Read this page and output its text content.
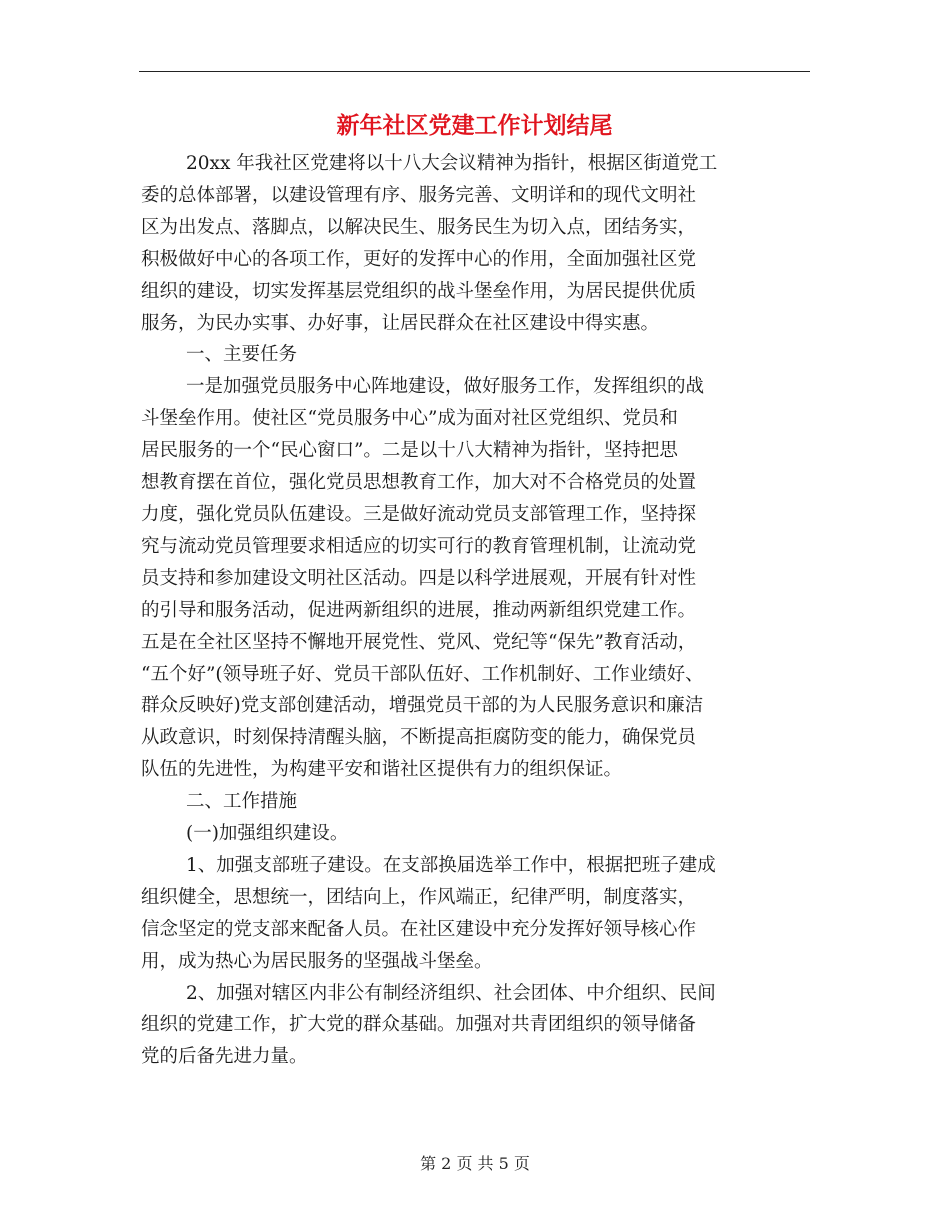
新年社区党建工作计划结尾

20xx 年我社区党建将以十八大会议精神为指针，根据区街道党工
委的总体部署，以建设管理有序、服务完善、文明详和的现代文明社
区为出发点、落脚点，以解决民生、服务民生为切入点，团结务实，
积极做好中心的各项工作，更好的发挥中心的作用，全面加强社区党
组织的建设，切实发挥基层党组织的战斗堡垒作用，为居民提供优质
服务，为民办实事、办好事，让居民群众在社区建设中得实惠。

一、主要任务

一是加强党员服务中心阵地建设，做好服务工作，发挥组织的战
斗堡垒作用。使社区“党员服务中心”成为面对社区党组织、党员和
居民服务的一个“民心窗口”。二是以十八大精神为指针，坚持把思
想教育摆在首位，强化党员思想教育工作，加大对不合格党员的处置
力度，强化党员队伍建设。三是做好流动党员支部管理工作，坚持探
究与流动党员管理要求相适应的切实可行的教育管理机制，让流动党
员支持和参加建设文明社区活动。四是以科学进展观，开展有针对性
的引导和服务活动，促进两新组织的进展，推动两新组织党建工作。
五是在全社区坚持不懈地开展党性、党风、党纪等“保先”教育活动，
“五个好”(领导班子好、党员干部队伍好、工作机制好、工作业绩好、
群众反映好)党支部创建活动，增强党员干部的为人民服务意识和廉洁
从政意识，时刻保持清醒头脑，不断提高拒腐防变的能力，确保党员
队伍的先进性，为构建平安和谐社区提供有力的组织保证。

二、工作措施

(一)加强组织建设。

1、加强支部班子建设。在支部换届选举工作中，根据把班子建成
组织健全，思想统一，团结向上，作风端正，纪律严明，制度落实，
信念坚定的党支部来配备人员。在社区建设中充分发挥好领导核心作
用，成为热心为居民服务的坚强战斗堡垒。

2、加强对辖区内非公有制经济组织、社会团体、中介组织、民间
组织的党建工作，扩大党的群众基础。加强对共青团组织的领导储备
党的后备先进力量。

第 2 页 共 5 页
